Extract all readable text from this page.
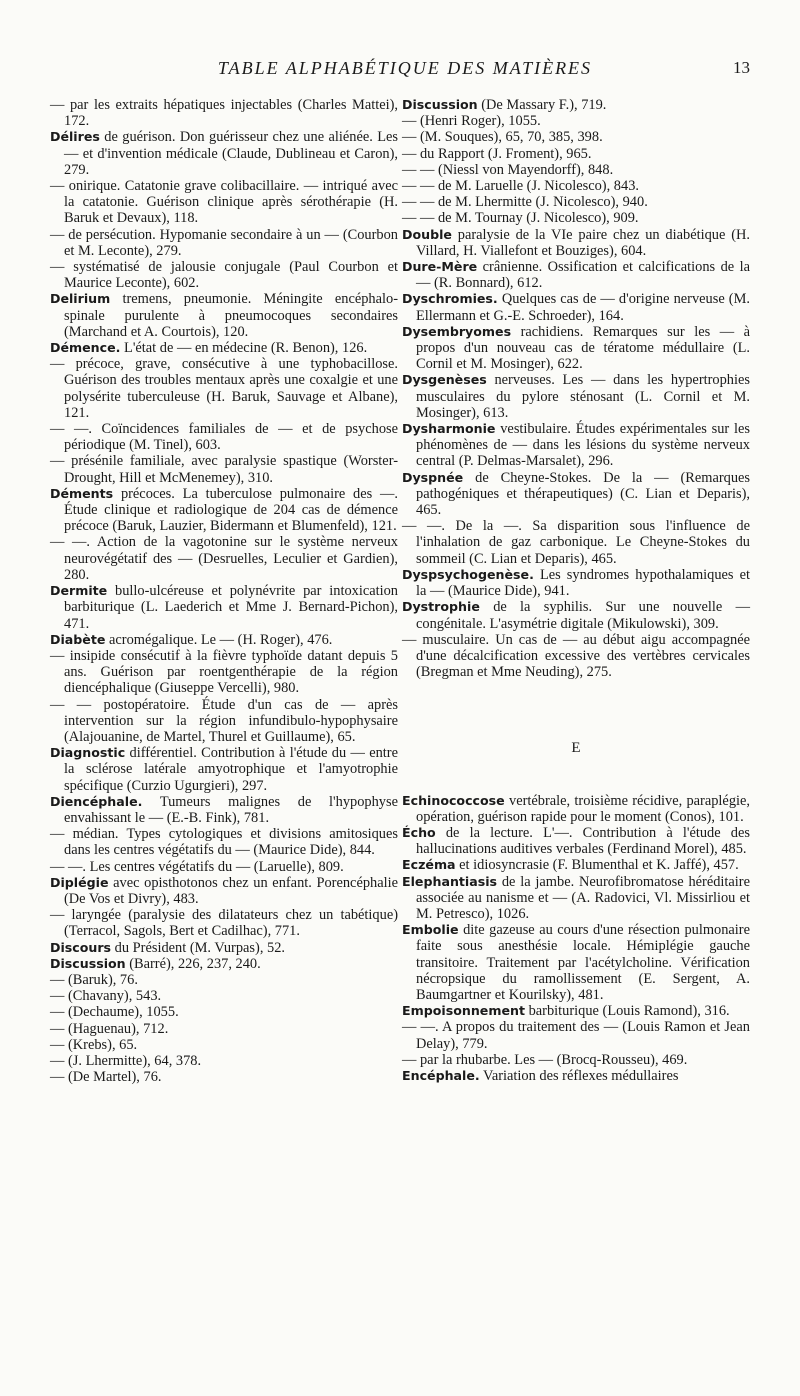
TABLE ALPHABÉTIQUE DES MATIÈRES	13

— par les extraits hépatiques injectables (Charles Mattei), 172.

Délires de guérison. Don guérisseur chez une aliénée. Les — et d'invention médicale (Claude, Dublineau et Caron), 279.

— onirique. Catatonie grave colibacillaire. — intriqué avec la catatonie. Guérison clinique après sérothérapie (H. Baruk et Devaux), 118.

— de persécution. Hypomanie secondaire à un — (Courbon et M. Leconte), 279.

— systématisé de jalousie conjugale (Paul Courbon et Maurice Leconte), 602.

Delirium tremens, pneumonie. Méningite encéphalo-spinale purulente à pneumocoques secondaires (Marchand et A. Courtois), 120.

Démence. L'état de — en médecine (R. Benon), 126.

— précoce, grave, consécutive à une typhobacillose. Guérison des troubles mentaux après une coxalgie et une polysérite tuberculeuse (H. Baruk, Sauvage et Albane), 121.

— —. Coïncidences familiales de — et de psychose périodique (M. Tinel), 603.

— présénile familiale, avec paralysie spastique (Worster-Drought, Hill et McMenemey), 310.

Déments précoces. La tuberculose pulmonaire des —. Étude clinique et radiologique de 204 cas de démence précoce (Baruk, Lauzier, Bidermann et Blumenfeld), 121.

— —. Action de la vagotonine sur le système nerveux neurovégétatif des — (Desruelles, Leculier et Gardien), 280.

Dermite bullo-ulcéreuse et polynévrite par intoxication barbiturique (L. Laederich et Mme J. Bernard-Pichon), 471.

Diabète acromégalique. Le — (H. Roger), 476.

— insipide consécutif à la fièvre typhoïde datant depuis 5 ans. Guérison par roentgenthérapie de la région diencéphalique (Giuseppe Vercelli), 980.

— — postopératoire. Étude d'un cas de — après intervention sur la région infundibulo-hypophysaire (Alajouanine, de Martel, Thurel et Guillaume), 65.

Diagnostic différentiel. Contribution à l'étude du — entre la sclérose latérale amyotrophique et l'amyotrophie spécifique (Curzio Ugurgieri), 297.

Diencéphale. Tumeurs malignes de l'hypophyse envahissant le — (E.-B. Fink), 781.

— médian. Types cytologiques et divisions amitosiques dans les centres végétatifs du — (Maurice Dide), 844.

— —. Les centres végétatifs du — (Laruelle), 809.

Diplégie avec opisthotonos chez un enfant. Porencéphalie (De Vos et Divry), 483.

— laryngée (paralysie des dilatateurs chez un tabétique) (Terracol, Sagols, Bert et Cadilhac), 771.

Discours du Président (M. Vurpas), 52.

Discussion (Barré), 226, 237, 240.

— (Baruk), 76.

— (Chavany), 543.

— (Dechaume), 1055.

— (Haguenau), 712.

— (Krebs), 65.

— (J. Lhermitte), 64, 378.

— (De Martel), 76.

Discussion (De Massary F.), 719.

— (Henri Roger), 1055.

— (M. Souques), 65, 70, 385, 398.

— du Rapport (J. Froment), 965.

— — (Niessl von Mayendorff), 848.

— — de M. Laruelle (J. Nicolesco), 843.

— — de M. Lhermitte (J. Nicolesco), 940.

— — de M. Tournay (J. Nicolesco), 909.

Double paralysie de la VIe paire chez un diabétique (H. Villard, H. Viallefont et Bouziges), 604.

Dure-Mère crânienne. Ossification et calcifications de la — (R. Bonnard), 612.

Dyschromies. Quelques cas de — d'origine nerveuse (M. Ellermann et G.-E. Schroeder), 164.

Dysembryomes rachidiens. Remarques sur les — à propos d'un nouveau cas de tératome médullaire (L. Cornil et M. Mosinger), 622.

Dysgenèses nerveuses. Les — dans les hypertrophies musculaires du pylore sténosant (L. Cornil et M. Mosinger), 613.

Dysharmonie vestibulaire. Études expérimentales sur les phénomènes de — dans les lésions du système nerveux central (P. Delmas-Marsalet), 296.

Dyspnée de Cheyne-Stokes. De la — (Remarques pathogéniques et thérapeutiques) (C. Lian et Deparis), 465.

— —. De la —. Sa disparition sous l'influence de l'inhalation de gaz carbonique. Le Cheyne-Stokes du sommeil (C. Lian et Deparis), 465.

Dyspsychogenèse. Les syndromes hypothalamiques et la — (Maurice Dide), 941.

Dystrophie de la syphilis. Sur une nouvelle — congénitale. L'asymétrie digitale (Mikulowski), 309.

— musculaire. Un cas de — au début aigu accompagnée d'une décalcification excessive des vertèbres cervicales (Bregman et Mme Neuding), 275.

E

Echinococcose vertébrale, troisième récidive, paraplégie, opération, guérison rapide pour le moment (Conos), 101.

Écho de la lecture. L'—. Contribution à l'étude des hallucinations auditives verbales (Ferdinand Morel), 485.

Eczéma et idiosyncrasie (F. Blumenthal et K. Jaffé), 457.

Elephantiasis de la jambe. Neurofibromatose héréditaire associée au nanisme et — (A. Radovici, Vl. Missirliou et M. Petresco), 1026.

Embolie dite gazeuse au cours d'une résection pulmonaire faite sous anesthésie locale. Hémiplégie gauche transitoire. Traitement par l'acétylcholine. Vérification nécropsique du ramollissement (E. Sergent, A. Baumgartner et Kourilsky), 481.

Empoisonnement barbiturique (Louis Ramond), 316.

— —. A propos du traitement des — (Louis Ramon et Jean Delay), 779.

— par la rhubarbe. Les — (Brocq-Rousseu), 469.

Encéphale. Variation des réflexes médullaires
